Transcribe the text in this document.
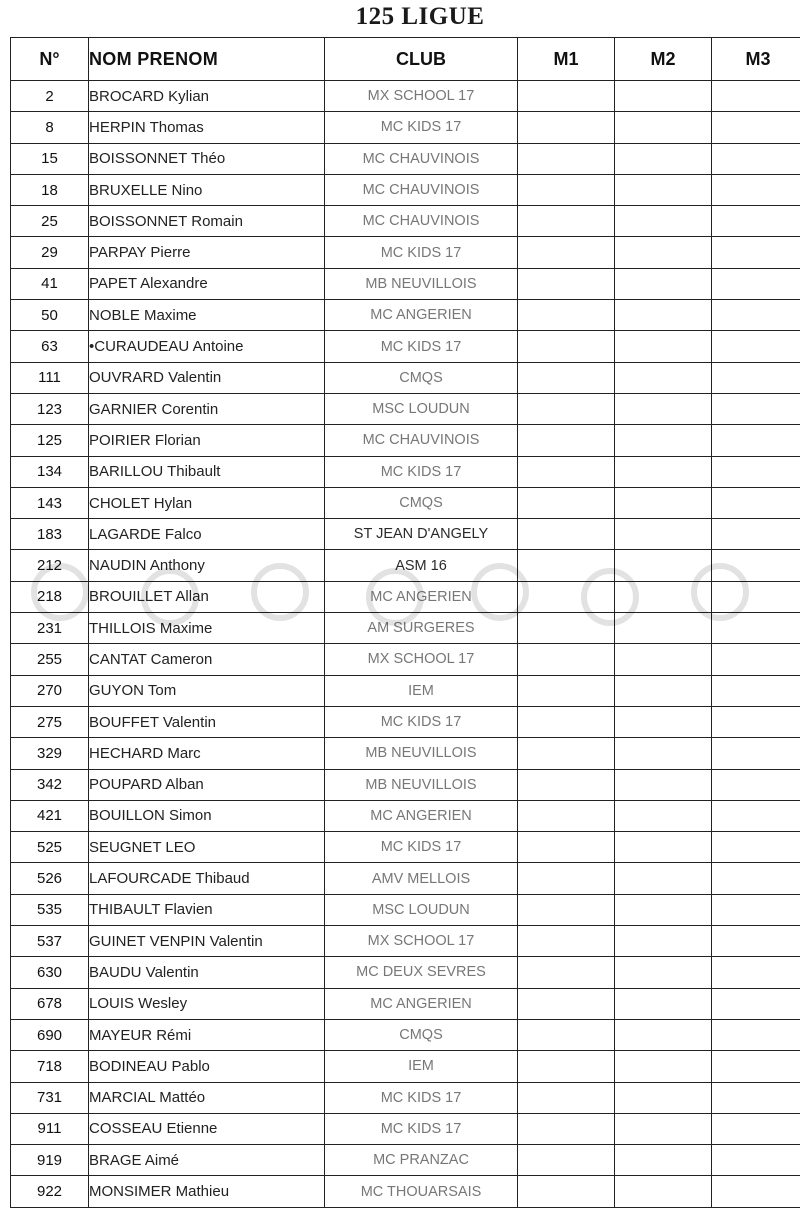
125 LIGUE
N°	NOM PRENOM	CLUB	M1	M2	M3
2	BROCARD Kylian	MX SCHOOL 17			
8	HERPIN Thomas	MC KIDS 17			
15	BOISSONNET Théo	MC CHAUVINOIS			
18	BRUXELLE Nino	MC CHAUVINOIS			
25	BOISSONNET Romain	MC CHAUVINOIS			
29	PARPAY Pierre	MC KIDS 17			
41	PAPET Alexandre	MB NEUVILLOIS			
50	NOBLE Maxime	MC ANGERIEN			
63	•CURAUDEAU Antoine	MC KIDS 17			
111	OUVRARD Valentin	CMQS			
123	GARNIER Corentin	MSC LOUDUN			
125	POIRIER Florian	MC CHAUVINOIS			
134	BARILLOU Thibault	MC KIDS 17			
143	CHOLET Hylan	CMQS			
183	LAGARDE Falco	ST JEAN D'ANGELY			
212	NAUDIN Anthony	ASM 16			
218	BROUILLET Allan	MC ANGERIEN			
231	THILLOIS Maxime	AM SURGERES			
255	CANTAT Cameron	MX SCHOOL 17			
270	GUYON Tom	IEM			
275	BOUFFET Valentin	MC KIDS 17			
329	HECHARD Marc	MB NEUVILLOIS			
342	POUPARD Alban	MB NEUVILLOIS			
421	BOUILLON Simon	MC ANGERIEN			
525	SEUGNET LEO	MC KIDS 17			
526	LAFOURCADE Thibaud	AMV MELLOIS			
535	THIBAULT Flavien	MSC LOUDUN			
537	GUINET VENPIN Valentin	MX SCHOOL 17			
630	BAUDU Valentin	MC DEUX SEVRES			
678	LOUIS Wesley	MC ANGERIEN			
690	MAYEUR Rémi	CMQS			
718	BODINEAU Pablo	IEM			
731	MARCIAL Mattéo	MC KIDS 17			
911	COSSEAU Etienne	MC KIDS 17			
919	BRAGE Aimé	MC PRANZAC			
922	MONSIMER Mathieu	MC THOUARSAIS			
